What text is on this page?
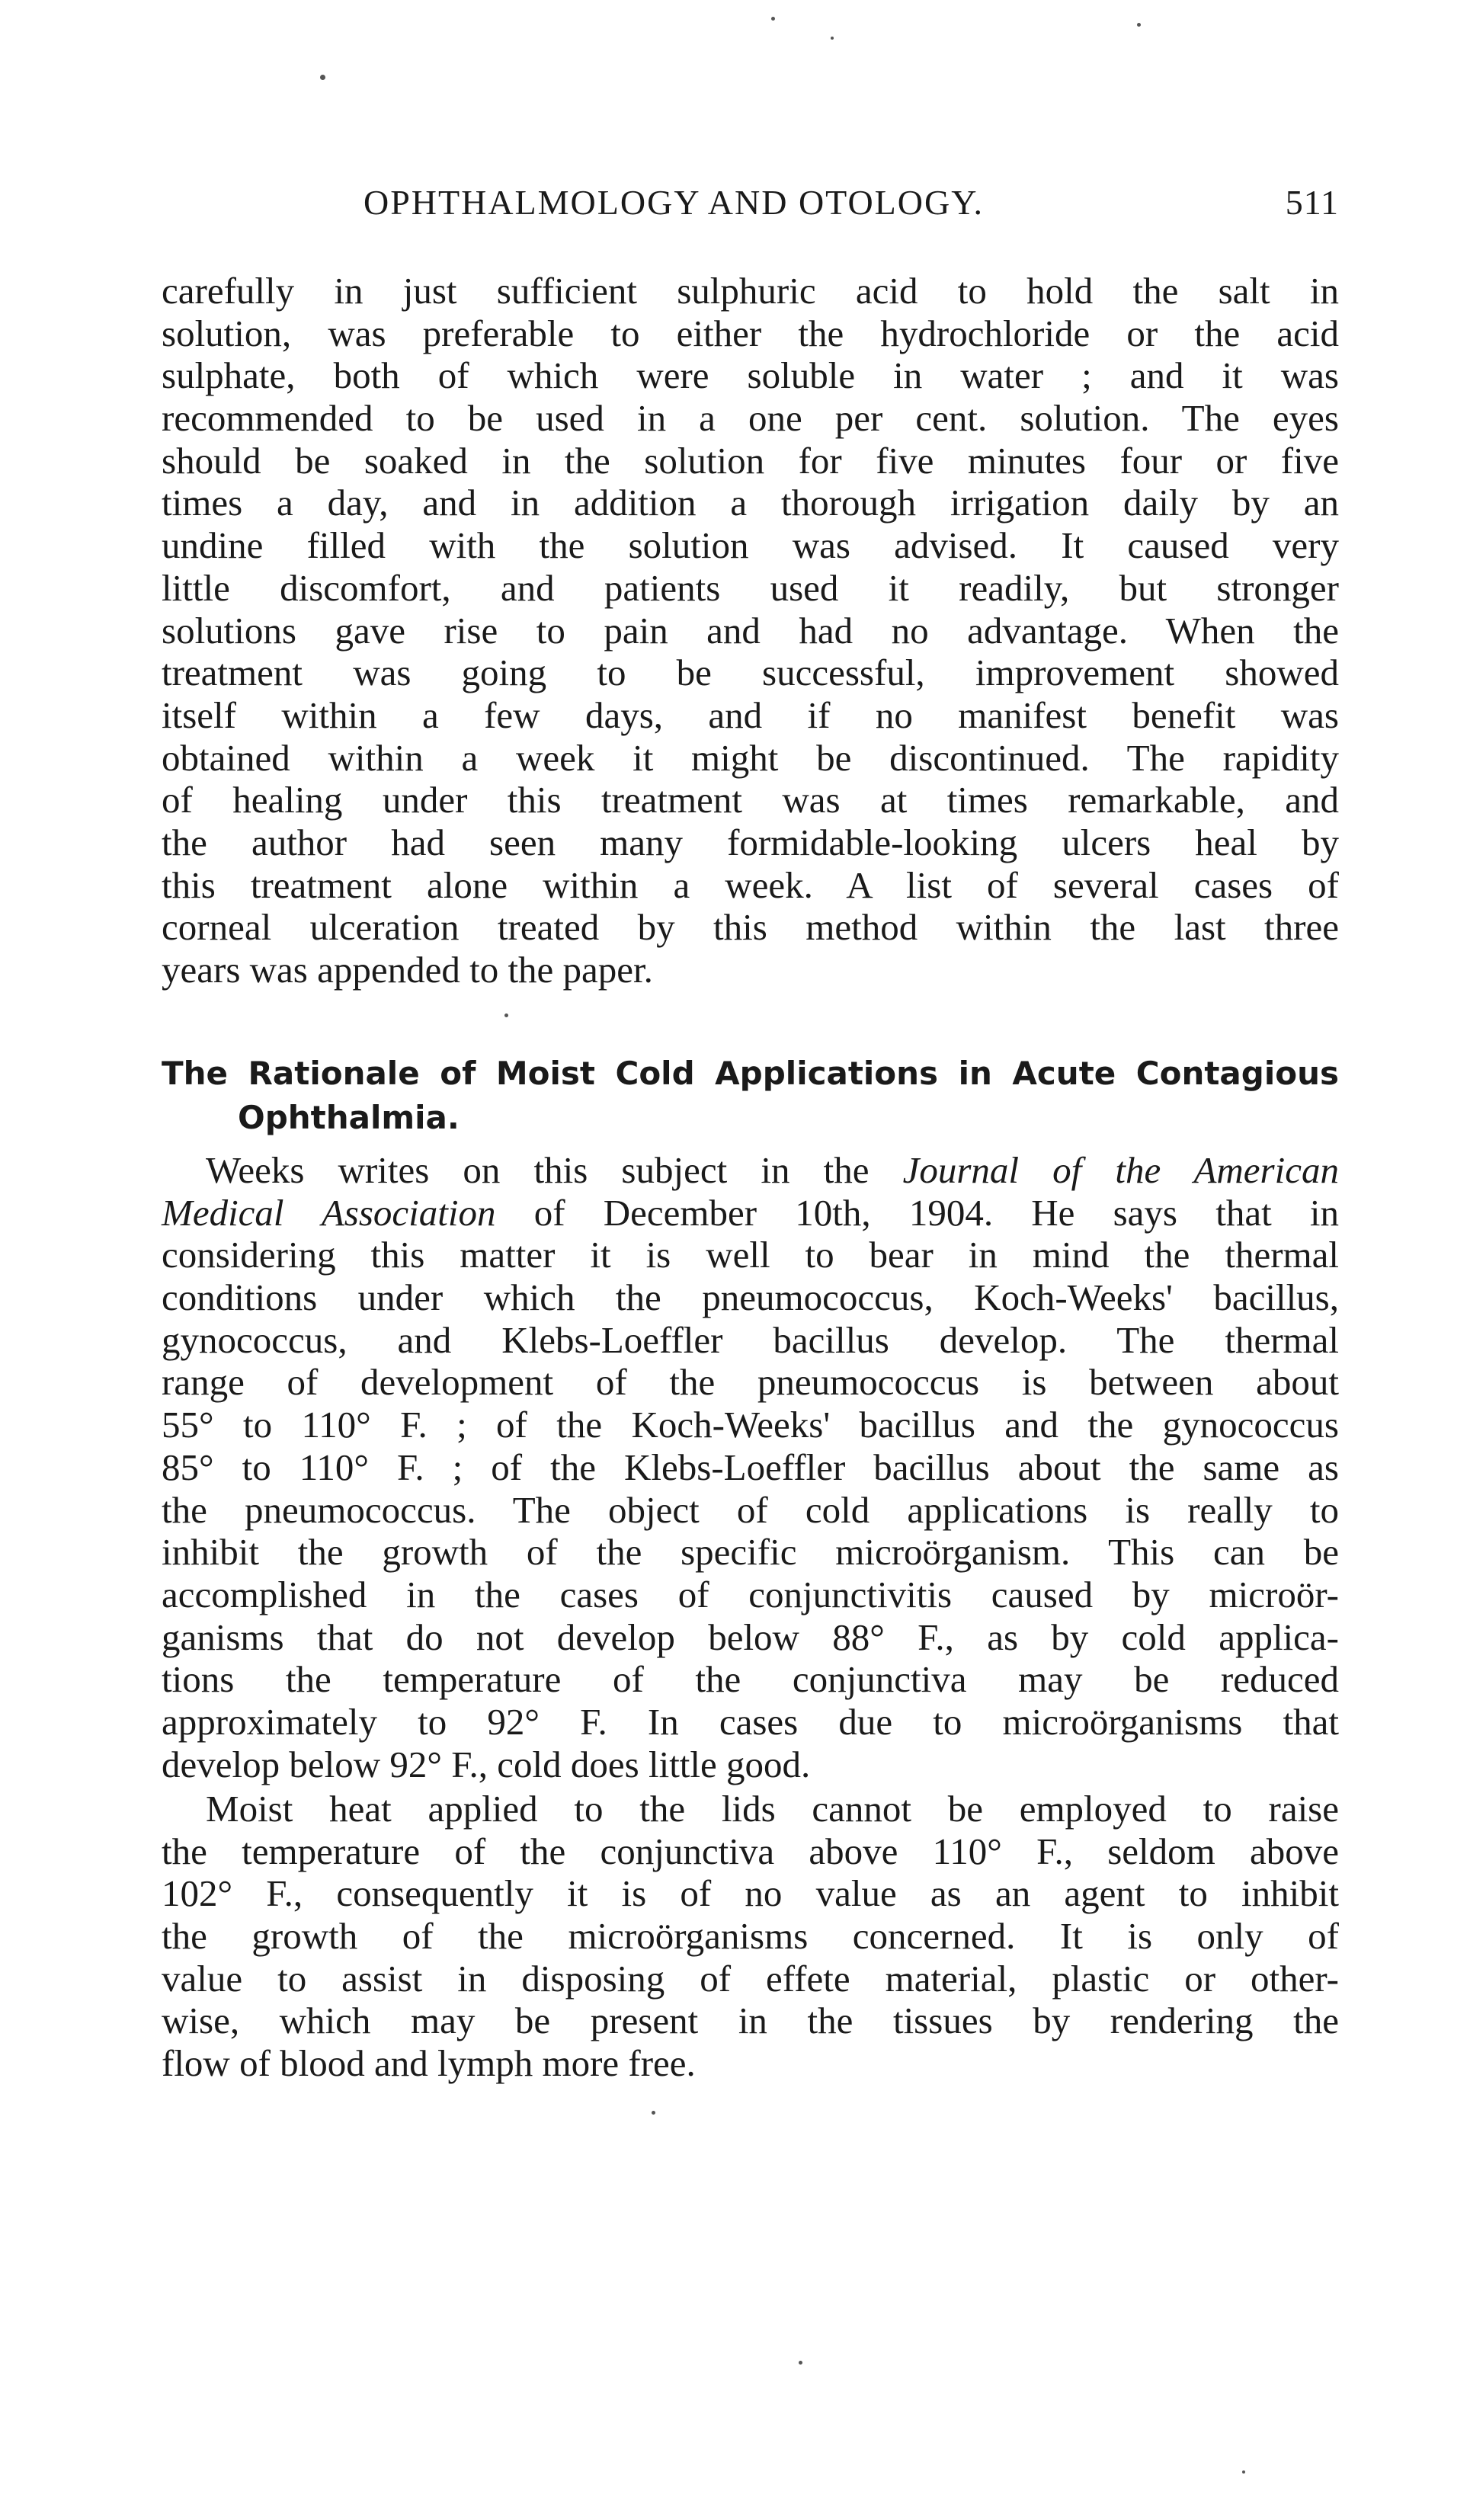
OPHTHALMOLOGY AND OTOLOGY.	511
carefully in just sufficient sulphuric acid to hold the salt in
solution, was preferable to either the hydrochloride or the acid
sulphate, both of which were soluble in water ; and it was
recommended to be used in a one per cent. solution. The eyes
should be soaked in the solution for five minutes four or five
times a day, and in addition a thorough irrigation daily by an
undine filled with the solution was advised. It caused very
little discomfort, and patients used it readily, but stronger
solutions gave rise to pain and had no advantage. When the
treatment was going to be successful, improvement showed
itself within a few days, and if no manifest benefit was
obtained within a week it might be discontinued. The rapidity
of healing under this treatment was at times remarkable, and
the author had seen many formidable-looking ulcers heal by
this treatment alone within a week. A list of several cases of
corneal ulceration treated by this method within the last three
years was appended to the paper.
The Rationale of Moist Cold Applications in Acute Contagious
Ophthalmia.
Weeks writes on this subject in the Journal of the American
Medical Association of December 10th, 1904. He says that in
considering this matter it is well to bear in mind the thermal
conditions under which the pneumococcus, Koch-Weeks' bacillus,
gynococcus, and Klebs-Loeffler bacillus develop. The thermal
range of development of the pneumococcus is between about
55° to 110° F. ; of the Koch-Weeks' bacillus and the gynococcus
85° to 110° F. ; of the Klebs-Loeffler bacillus about the same as
the pneumococcus. The object of cold applications is really to
inhibit the growth of the specific microörganism. This can be
accomplished in the cases of conjunctivitis caused by microör-
ganisms that do not develop below 88° F., as by cold applica-
tions the temperature of the conjunctiva may be reduced
approximately to 92° F. In cases due to microörganisms that
develop below 92° F., cold does little good.
Moist heat applied to the lids cannot be employed to raise
the temperature of the conjunctiva above 110° F., seldom above
102° F., consequently it is of no value as an agent to inhibit
the growth of the microörganisms concerned. It is only of
value to assist in disposing of effete material, plastic or other-
wise, which may be present in the tissues by rendering the
flow of blood and lymph more free.
